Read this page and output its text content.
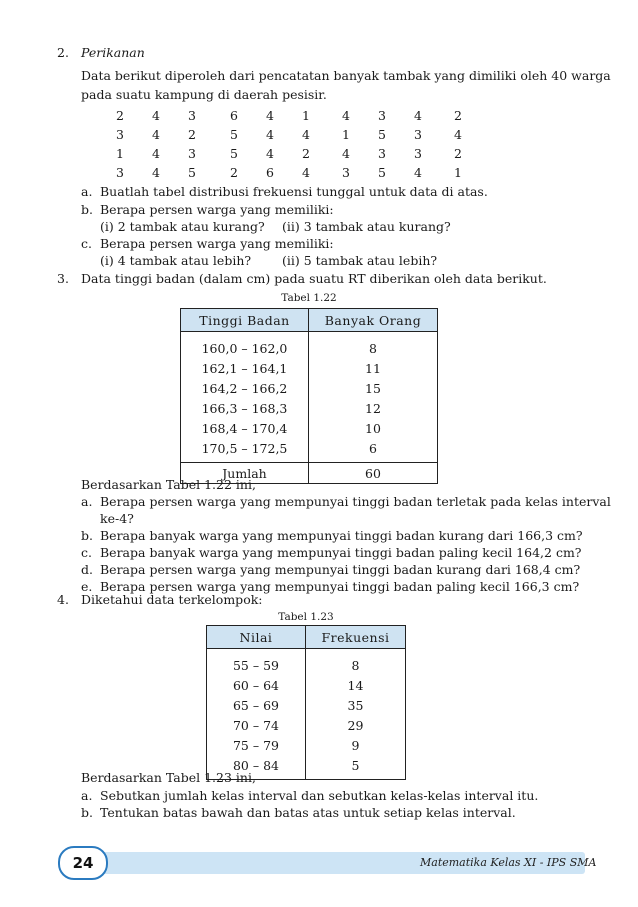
2. Perikanan
Data berikut diperoleh dari pencatatan banyak tambak yang dimiliki oleh 40 warga
pada suatu kampung di daerah pesisir.
2	4	3	6	4	1	4	3	4	2
3	4	2	5	4	4	1	5	3	4
1	4	3	5	4	2	4	3	3	2
3	4	5	2	6	4	3	5	4	1
a. Buatlah tabel distribusi frekuensi tunggal untuk data di atas.
b. Berapa persen warga yang memiliki:
(i) 2 tambak atau kurang? (ii) 3 tambak atau kurang?
c. Berapa persen warga yang memiliki:
(i) 4 tambak atau lebih? (ii) 5 tambak atau lebih?
3. Data tinggi badan (dalam cm) pada suatu RT diberikan oleh data berikut.
Tabel 1.22
Tinggi Badan	Banyak Orang
160,0 – 162,0	8
162,1 – 164,1	11
164,2 – 166,2	15
166,3 – 168,3	12
168,4 – 170,4	10
170,5 – 172,5	6
Jumlah	60
Berdasarkan Tabel 1.22 ini,
a. Berapa persen warga yang mempunyai tinggi badan terletak pada kelas interval
ke-4?
b. Berapa banyak warga yang mempunyai tinggi badan kurang dari 166,3 cm?
c. Berapa banyak warga yang mempunyai tinggi badan paling kecil 164,2 cm?
d. Berapa persen warga yang mempunyai tinggi badan kurang dari 168,4 cm?
e. Berapa persen warga yang mempunyai tinggi badan paling kecil 166,3 cm?
4. Diketahui data terkelompok:
Tabel 1.23
Nilai	Frekuensi
55 – 59	8
60 – 64	14
65 – 69	35
70 – 74	29
75 – 79	9
80 – 84	5
Berdasarkan Tabel 1.23 ini,
a. Sebutkan jumlah kelas interval dan sebutkan kelas-kelas interval itu.
b. Tentukan batas bawah dan batas atas untuk setiap kelas interval.
24	Matematika Kelas XI - IPS SMA
